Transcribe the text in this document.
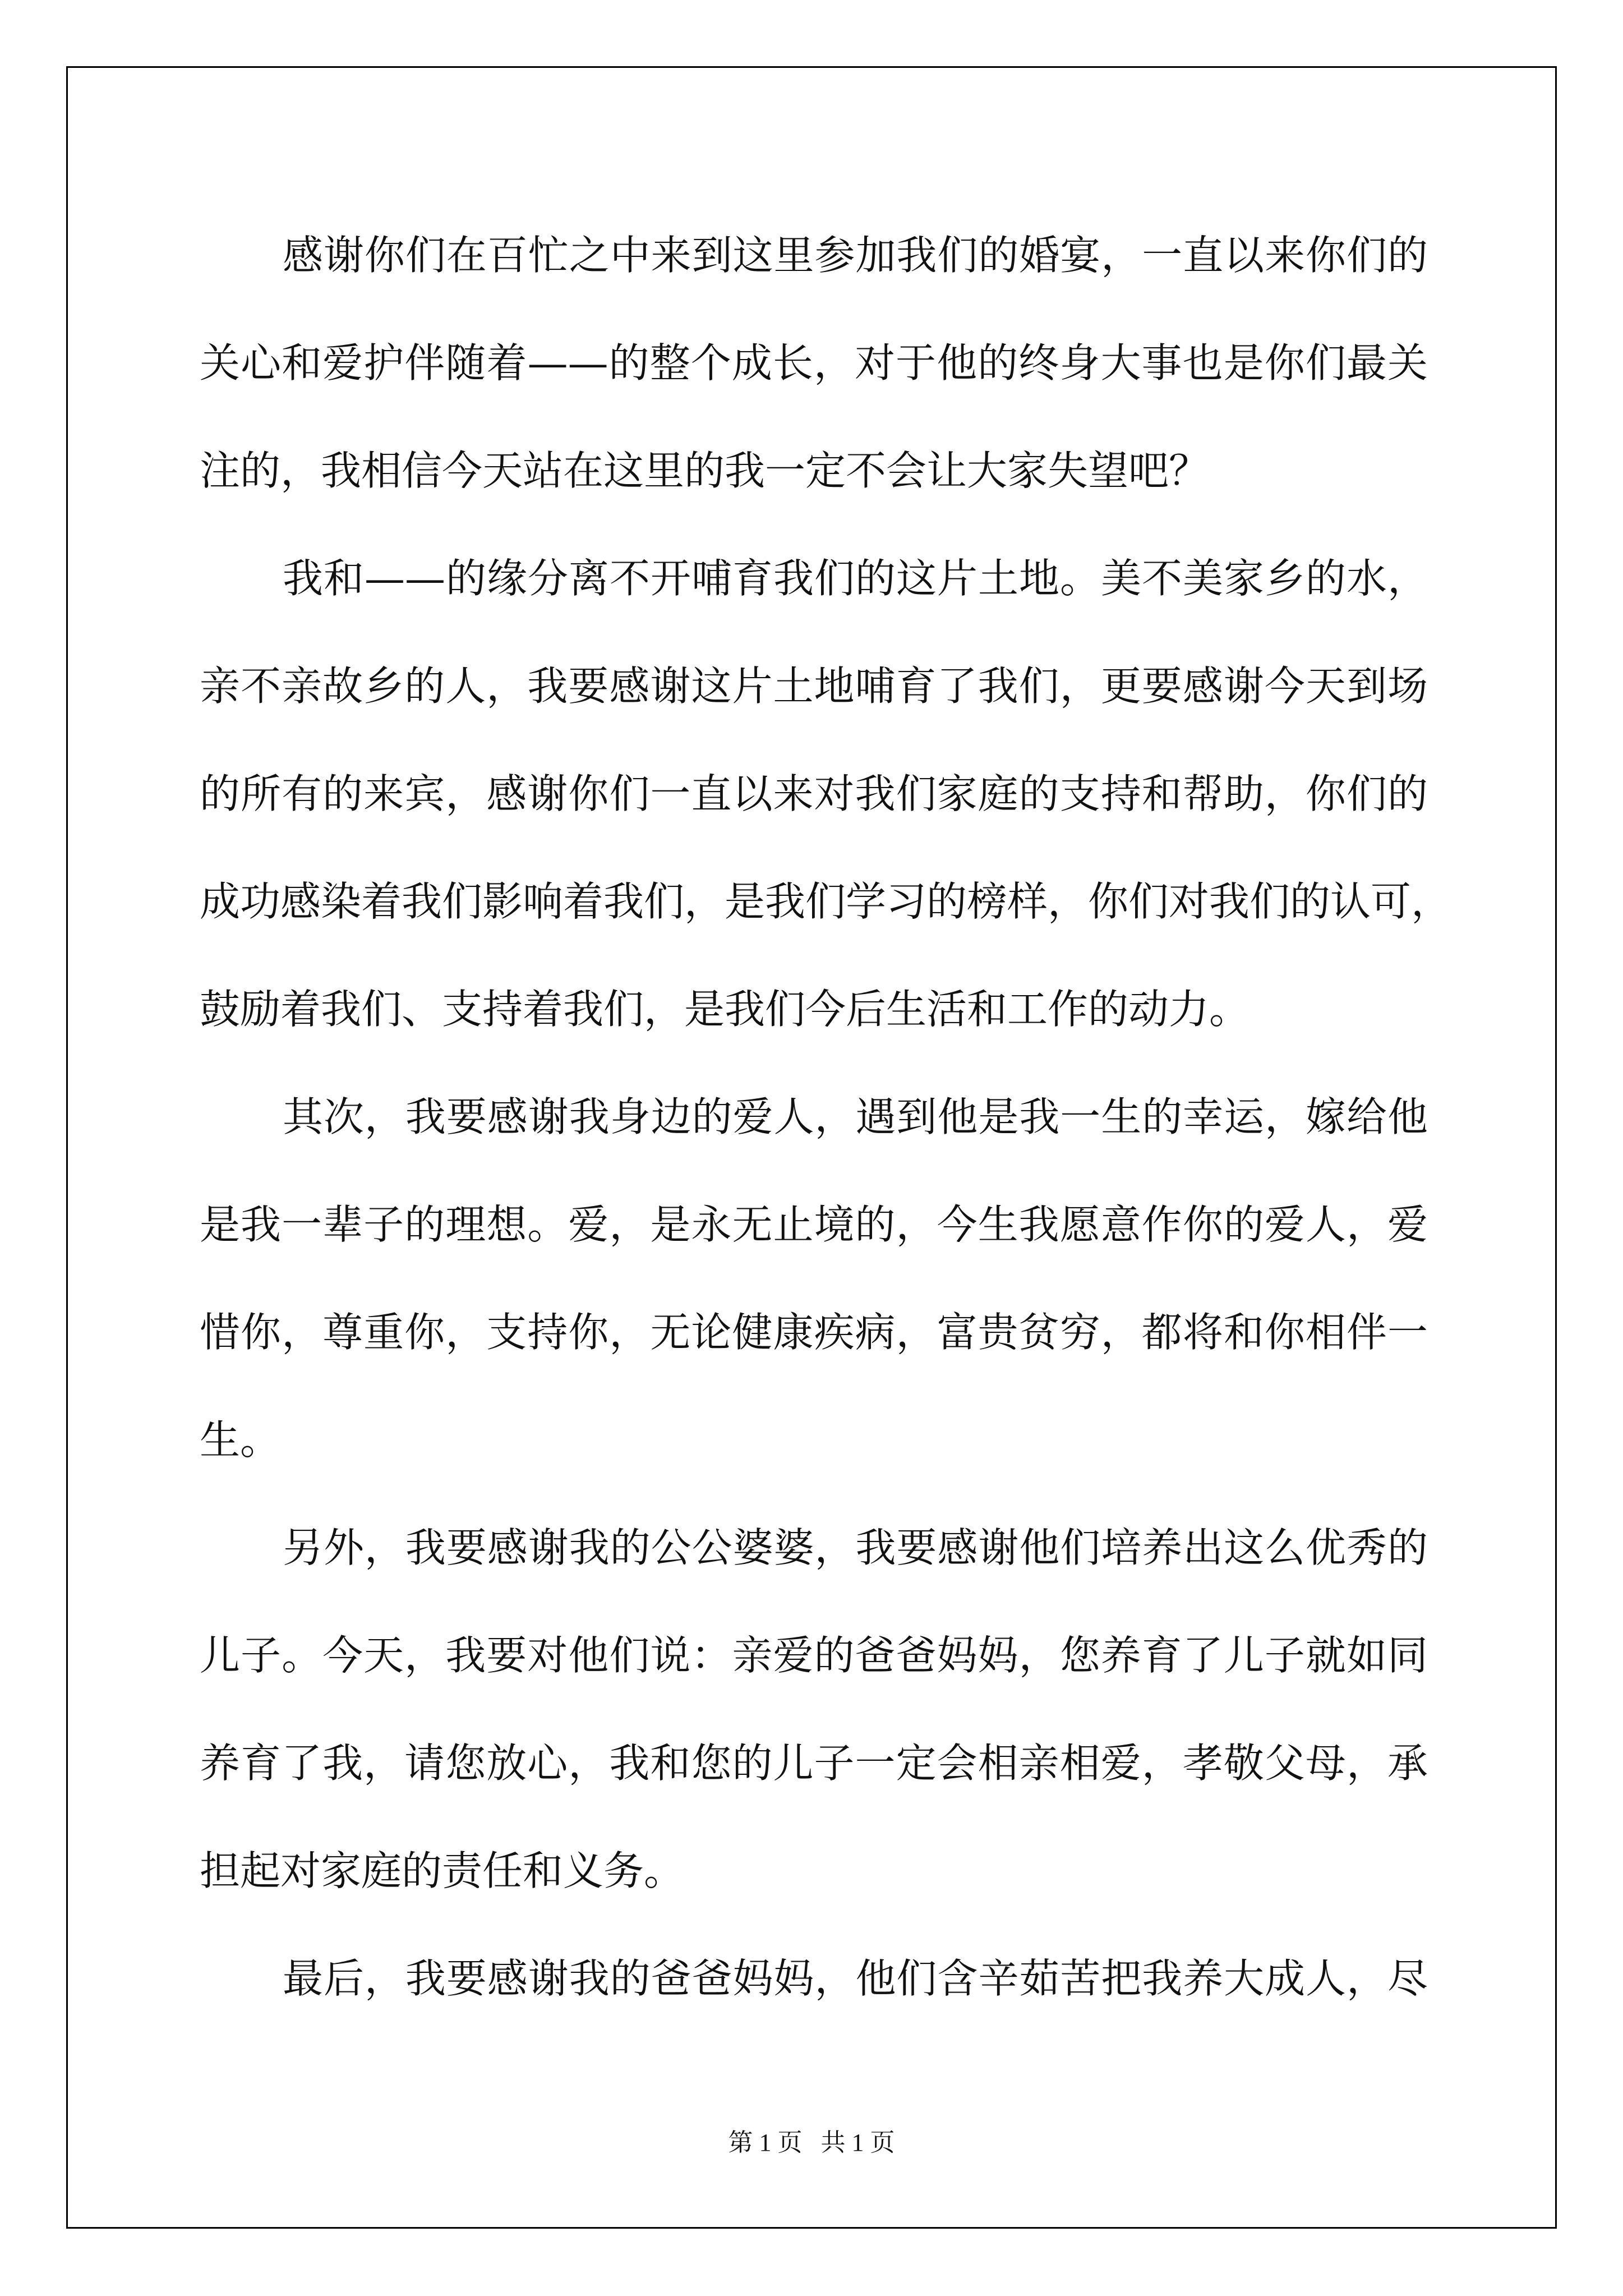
感谢你们在百忙之中来到这里参加我们的婚宴，一直以来你们的
关心和爱护伴随着——的整个成长，对于他的终身大事也是你们最关
注的，我相信今天站在这里的我一定不会让大家失望吧？
我和——的缘分离不开哺育我们的这片土地。美不美家乡的水，
亲不亲故乡的人，我要感谢这片土地哺育了我们，更要感谢今天到场
的所有的来宾，感谢你们一直以来对我们家庭的支持和帮助，你们的
成功感染着我们影响着我们，是我们学习的榜样，你们对我们的认可，
鼓励着我们、支持着我们，是我们今后生活和工作的动力。
其次，我要感谢我身边的爱人，遇到他是我一生的幸运，嫁给他
是我一辈子的理想。爱，是永无止境的，今生我愿意作你的爱人，爱
惜你，尊重你，支持你，无论健康疾病，富贵贫穷，都将和你相伴一
生。
另外，我要感谢我的公公婆婆，我要感谢他们培养出这么优秀的
儿子。今天，我要对他们说：亲爱的爸爸妈妈，您养育了儿子就如同
养育了我，请您放心，我和您的儿子一定会相亲相爱，孝敬父母，承
担起对家庭的责任和义务。
最后，我要感谢我的爸爸妈妈，他们含辛茹苦把我养大成人，尽
第 1 页 共 1 页
